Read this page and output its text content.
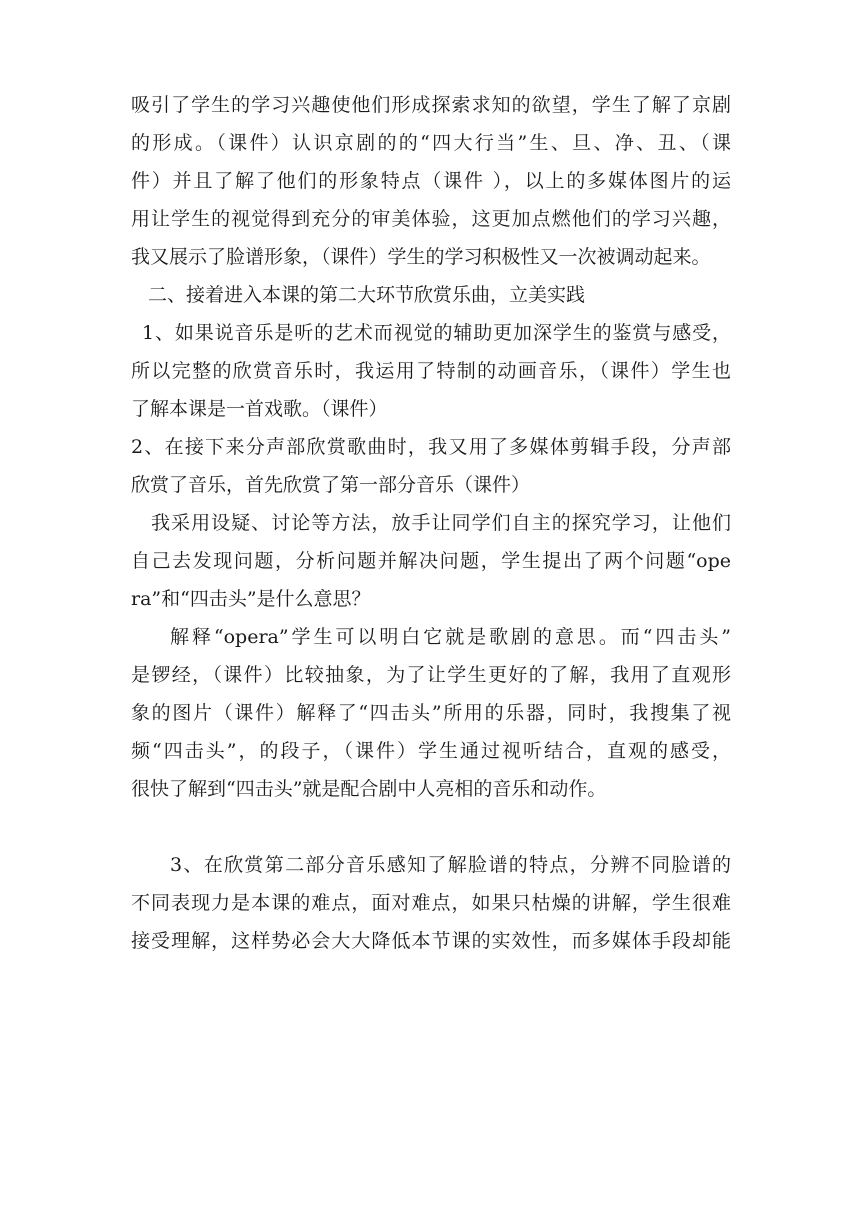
吸引了学生的学习兴趣使他们形成探索求知的欲望，学生了解了京剧
的形成。（课件）认识京剧的的“四大行当”生、旦、净、丑、（课
件）并且了解了他们的形象特点（课件 ），以上的多媒体图片的运
用让学生的视觉得到充分的审美体验，这更加点燃他们的学习兴趣，
我又展示了脸谱形象，（课件）学生的学习积极性又一次被调动起来。
二、接着进入本课的第二大环节欣赏乐曲，立美实践
1、如果说音乐是听的艺术而视觉的辅助更加深学生的鉴赏与感受，
所以完整的欣赏音乐时，我运用了特制的动画音乐，（课件）学生也
了解本课是一首戏歌。（课件）
2、在接下来分声部欣赏歌曲时，我又用了多媒体剪辑手段，分声部
欣赏了音乐，首先欣赏了第一部分音乐（课件）
我采用设疑、讨论等方法，放手让同学们自主的探究学习，让他们
自己去发现问题，分析问题并解决问题，学生提出了两个问题“ope
ra”和“四击头”是什么意思？
解释“opera”学生可以明白它就是歌剧的意思。而“四击头”
是锣经，（课件）比较抽象，为了让学生更好的了解，我用了直观形
象的图片（课件）解释了“四击头”所用的乐器，同时，我搜集了视
频“四击头”，的段子，（课件）学生通过视听结合，直观的感受，
很快了解到“四击头”就是配合剧中人亮相的音乐和动作。
3、在欣赏第二部分音乐感知了解脸谱的特点，分辨不同脸谱的
不同表现力是本课的难点，面对难点，如果只枯燥的讲解，学生很难
接受理解，这样势必会大大降低本节课的实效性，而多媒体手段却能
